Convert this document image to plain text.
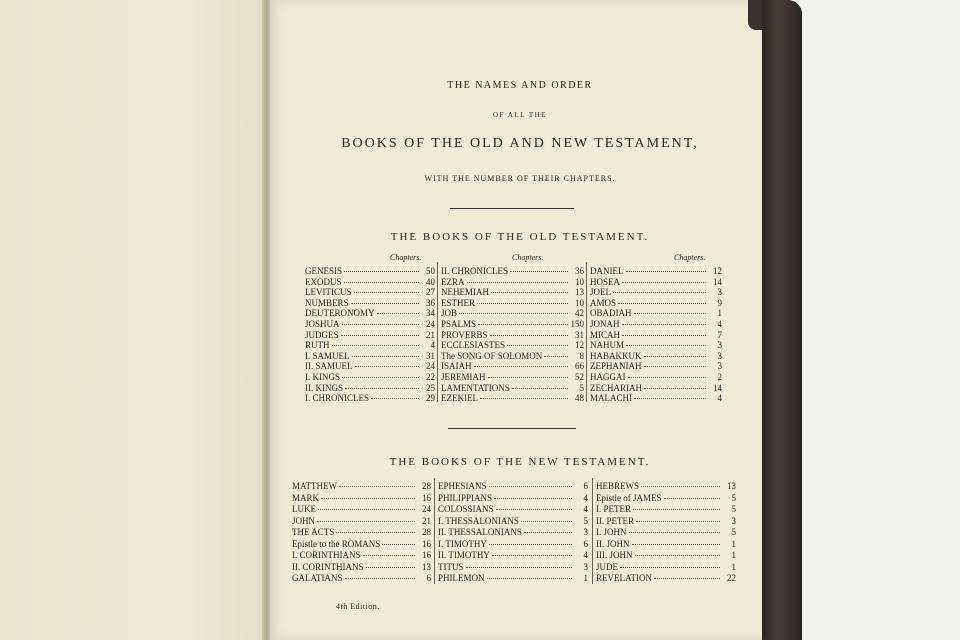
THE NAMES AND ORDER
OF ALL THE
BOOKS OF THE OLD AND NEW TESTAMENT,
WITH THE NUMBER OF THEIR CHAPTERS.
THE BOOKS OF THE OLD TESTAMENT.
Chapters.	Chapters.	Chapters.
GENESIS	50
EXODUS	40
LEVITICUS	27
NUMBERS	36
DEUTERONOMY	34
JOSHUA	24
JUDGES	21
RUTH	4
I. SAMUEL	31
II. SAMUEL	24
I. KINGS	22
II. KINGS	25
I. CHRONICLES	29
II. CHRONICLES	36
EZRA	10
NEHEMIAH	13
ESTHER	10
JOB	42
PSALMS	150
PROVERBS	31
ECCLESIASTES	12
The SONG OF SOLOMON	8
ISAIAH	66
JEREMIAH	52
LAMENTATIONS	5
EZEKIEL	48
DANIEL	12
HOSEA	14
JOEL	3
AMOS	9
OBADIAH	1
JONAH	4
MICAH	7
NAHUM	3
HABAKKUK	3
ZEPHANIAH	3
HAGGAI	2
ZECHARIAH	14
MALACHI	4
THE BOOKS OF THE NEW TESTAMENT.
MATTHEW	28
MARK	16
LUKE	24
JOHN	21
THE ACTS	28
Epistle to the ROMANS	16
I. CORINTHIANS	16
II. CORINTHIANS	13
GALATIANS	6
EPHESIANS	6
PHILIPPIANS	4
COLOSSIANS	4
I. THESSALONIANS	5
II. THESSALONIANS	3
I. TIMOTHY	6
II. TIMOTHY	4
TITUS	3
PHILEMON	1
HEBREWS	13
Epistle of JAMES	5
I. PETER	5
II. PETER	3
I. JOHN	5
II. JOHN	1
III. JOHN	1
JUDE	1
REVELATION	22
4th Edition.
